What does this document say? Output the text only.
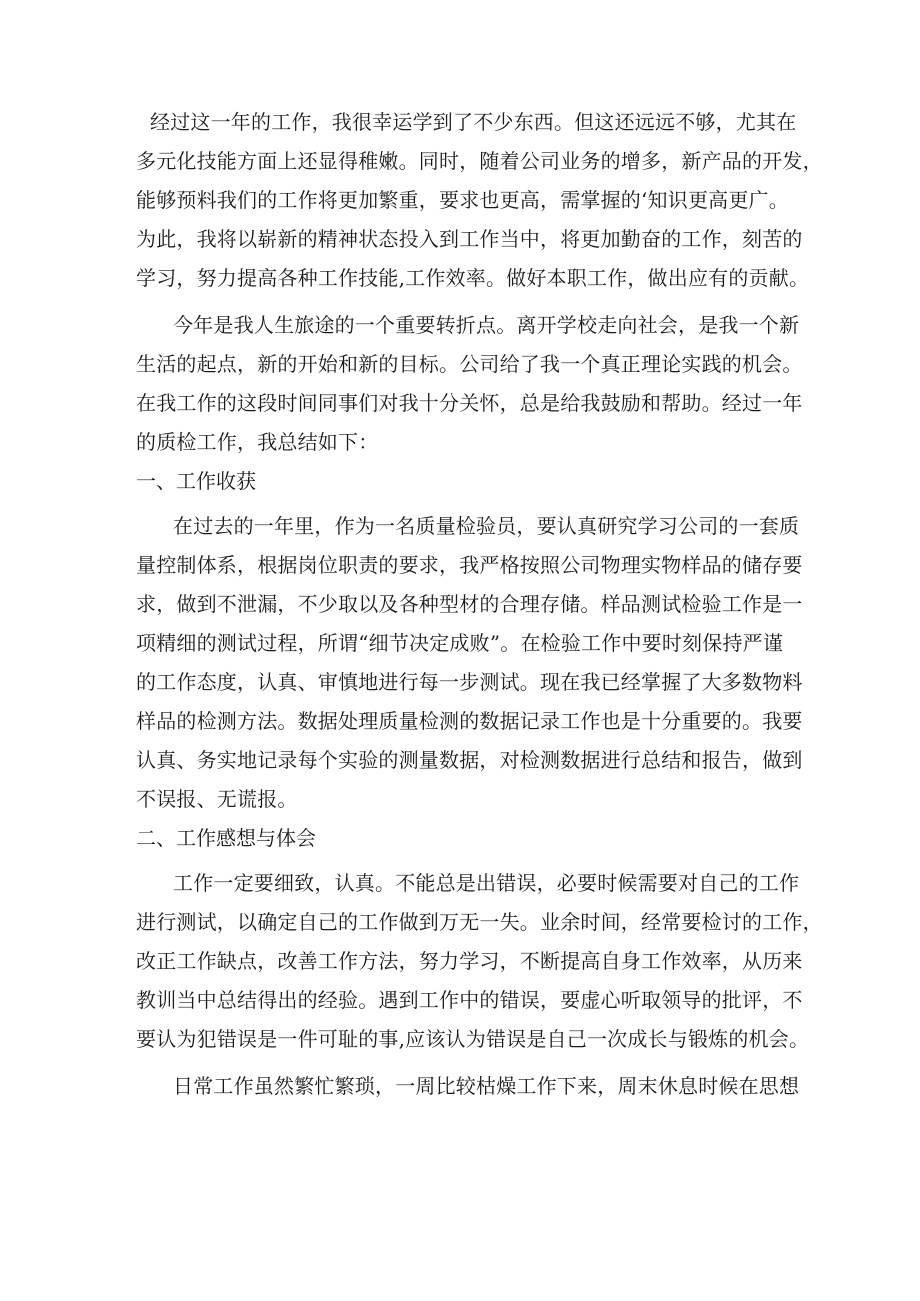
经过这一年的工作，我很幸运学到了不少东西。但这还远远不够，尤其在
多元化技能方面上还显得稚嫩。同时，随着公司业务的增多，新产品的开发，
能够预料我们的工作将更加繁重，要求也更高，需掌握的‘知识更高更广。
为此，我将以崭新的精神状态投入到工作当中，将更加勤奋的工作，刻苦的
学习，努力提高各种工作技能,工作效率。做好本职工作，做出应有的贡献。
今年是我人生旅途的一个重要转折点。离开学校走向社会，是我一个新
生活的起点，新的开始和新的目标。公司给了我一个真正理论实践的机会。
在我工作的这段时间同事们对我十分关怀，总是给我鼓励和帮助。经过一年
的质检工作，我总结如下：
一、工作收获
在过去的一年里，作为一名质量检验员，要认真研究学习公司的一套质
量控制体系，根据岗位职责的要求，我严格按照公司物理实物样品的储存要
求，做到不泄漏，不少取以及各种型材的合理存储。样品测试检验工作是一
项精细的测试过程，所谓“细节决定成败”。在检验工作中要时刻保持严谨
的工作态度，认真、审慎地进行每一步测试。现在我已经掌握了大多数物料
样品的检测方法。数据处理质量检测的数据记录工作也是十分重要的。我要
认真、务实地记录每个实验的测量数据，对检测数据进行总结和报告，做到
不误报、无谎报。
二、工作感想与体会
工作一定要细致，认真。不能总是出错误，必要时候需要对自己的工作
进行测试，以确定自己的工作做到万无一失。业余时间，经常要检讨的工作，
改正工作缺点，改善工作方法，努力学习，不断提高自身工作效率，从历来
教训当中总结得出的经验。遇到工作中的错误，要虚心听取领导的批评，不
要认为犯错误是一件可耻的事,应该认为错误是自己一次成长与锻炼的机会。
日常工作虽然繁忙繁琐，一周比较枯燥工作下来，周末休息时候在思想
